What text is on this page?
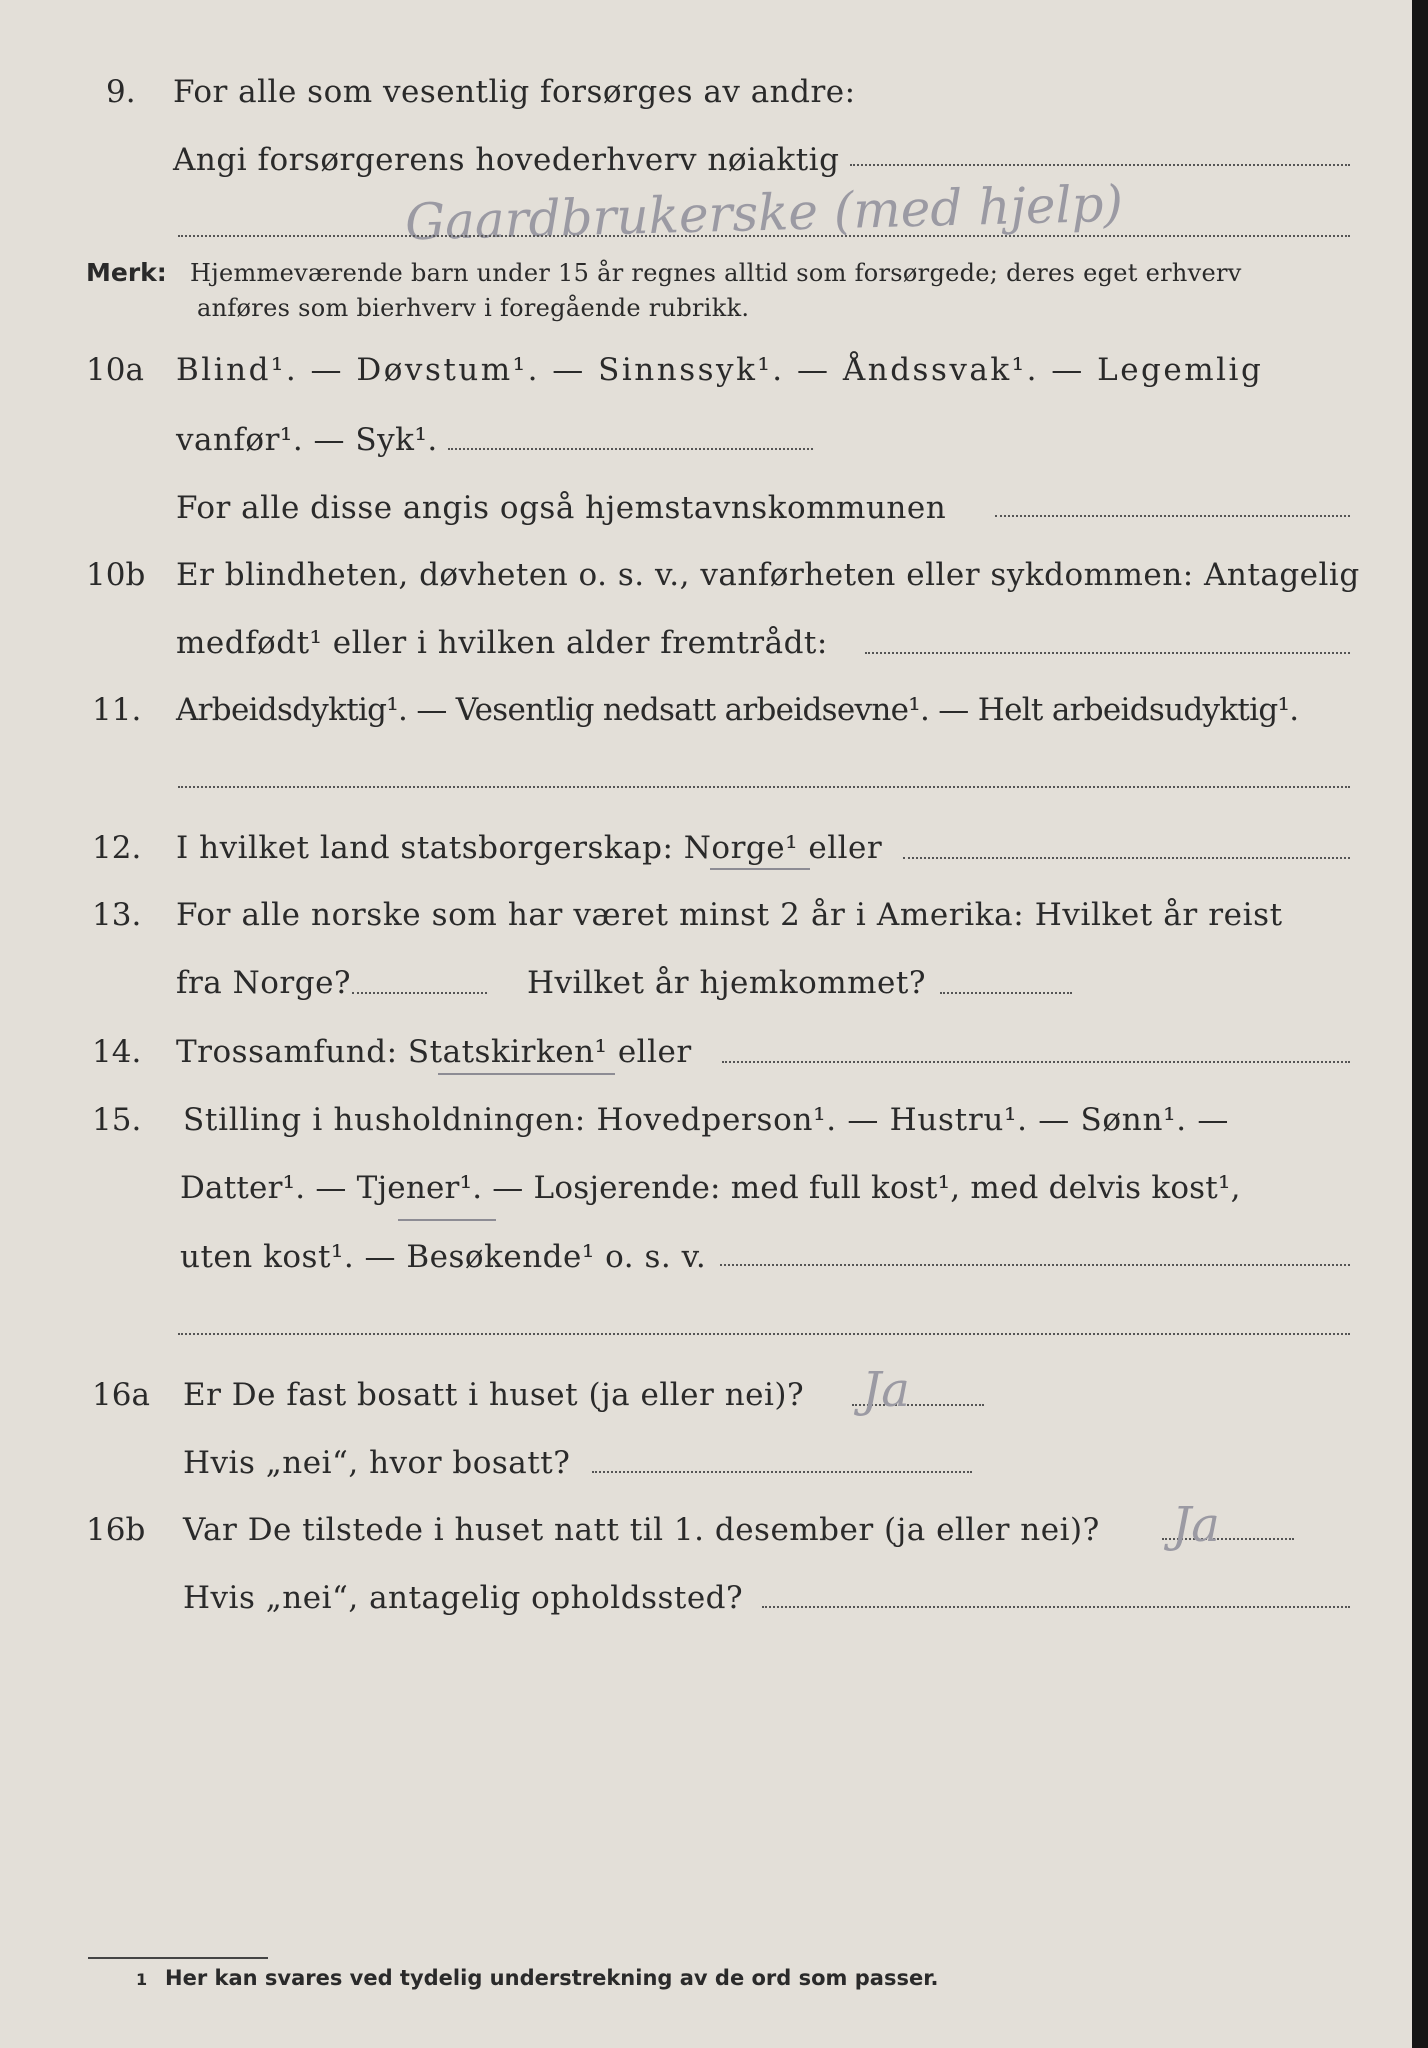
9. For alle som vesentlig forsørges av andre:
Angi forsørgerens hovederhverv nøiaktig
Gaardbrukerske (med hjelp)
Merk: Hjemmeværende barn under 15 år regnes alltid som forsørgede; deres eget erhverv
anføres som bierhverv i foregående rubrikk.
10a Blind¹. — Døvstum¹. — Sinnssyk¹. — Åndssvak¹. — Legemlig
vanfør¹. — Syk¹.
For alle disse angis også hjemstavnskommunen
10b Er blindheten, døvheten o. s. v., vanførheten eller sykdommen: Antagelig
medfødt¹ eller i hvilken alder fremtrådt:
11. Arbeidsdyktig¹. — Vesentlig nedsatt arbeidsevne¹. — Helt arbeidsudyktig¹.
12. I hvilket land statsborgerskap: Norge¹ eller
13. For alle norske som har været minst 2 år i Amerika: Hvilket år reist
fra Norge?	Hvilket år hjemkommet?
14. Trossamfund: Statskirken¹ eller
15. Stilling i husholdningen: Hovedperson¹. — Hustru¹. — Sønn¹. —
Datter¹. — Tjener¹. — Losjerende: med full kost¹, med delvis kost¹,
uten kost¹. — Besøkende¹ o. s. v.
16a Er De fast bosatt i huset (ja eller nei)? Ja
Hvis „nei“, hvor bosatt?
16b Var De tilstede i huset natt til 1. desember (ja eller nei)? Ja
Hvis „nei“, antagelig opholdssted?
1 Her kan svares ved tydelig understrekning av de ord som passer.
